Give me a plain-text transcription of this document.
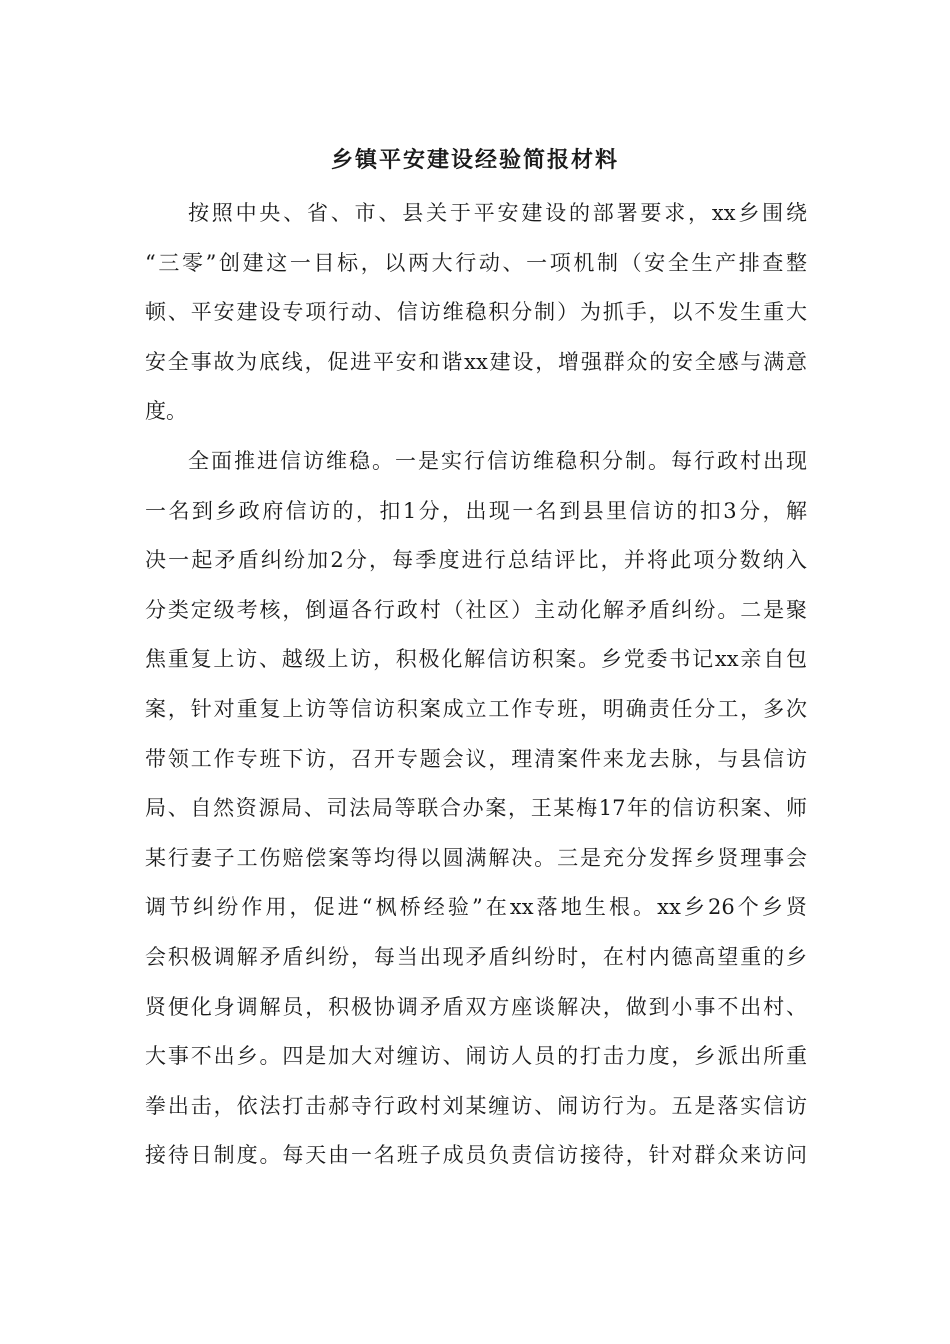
乡镇平安建设经验简报材料
按照中央、省、市、县关于平安建设的部署要求，xx乡围绕
“三零”创建这一目标，以两大行动、一项机制（安全生产排查整
顿、平安建设专项行动、信访维稳积分制）为抓手，以不发生重大
安全事故为底线，促进平安和谐xx建设，增强群众的安全感与满意
度。
全面推进信访维稳。一是实行信访维稳积分制。每行政村出现
一名到乡政府信访的，扣1分，出现一名到县里信访的扣3分，解
决一起矛盾纠纷加2分，每季度进行总结评比，并将此项分数纳入
分类定级考核，倒逼各行政村（社区）主动化解矛盾纠纷。二是聚
焦重复上访、越级上访，积极化解信访积案。乡党委书记xx亲自包
案，针对重复上访等信访积案成立工作专班，明确责任分工，多次
带领工作专班下访，召开专题会议，理清案件来龙去脉，与县信访
局、自然资源局、司法局等联合办案，王某梅17年的信访积案、师
某行妻子工伤赔偿案等均得以圆满解决。三是充分发挥乡贤理事会
调节纠纷作用，促进“枫桥经验”在xx落地生根。xx乡26个乡贤
会积极调解矛盾纠纷，每当出现矛盾纠纷时，在村内德高望重的乡
贤便化身调解员，积极协调矛盾双方座谈解决，做到小事不出村、
大事不出乡。四是加大对缠访、闹访人员的打击力度，乡派出所重
拳出击，依法打击郝寺行政村刘某缠访、闹访行为。五是落实信访
接待日制度。每天由一名班子成员负责信访接待，针对群众来访问
